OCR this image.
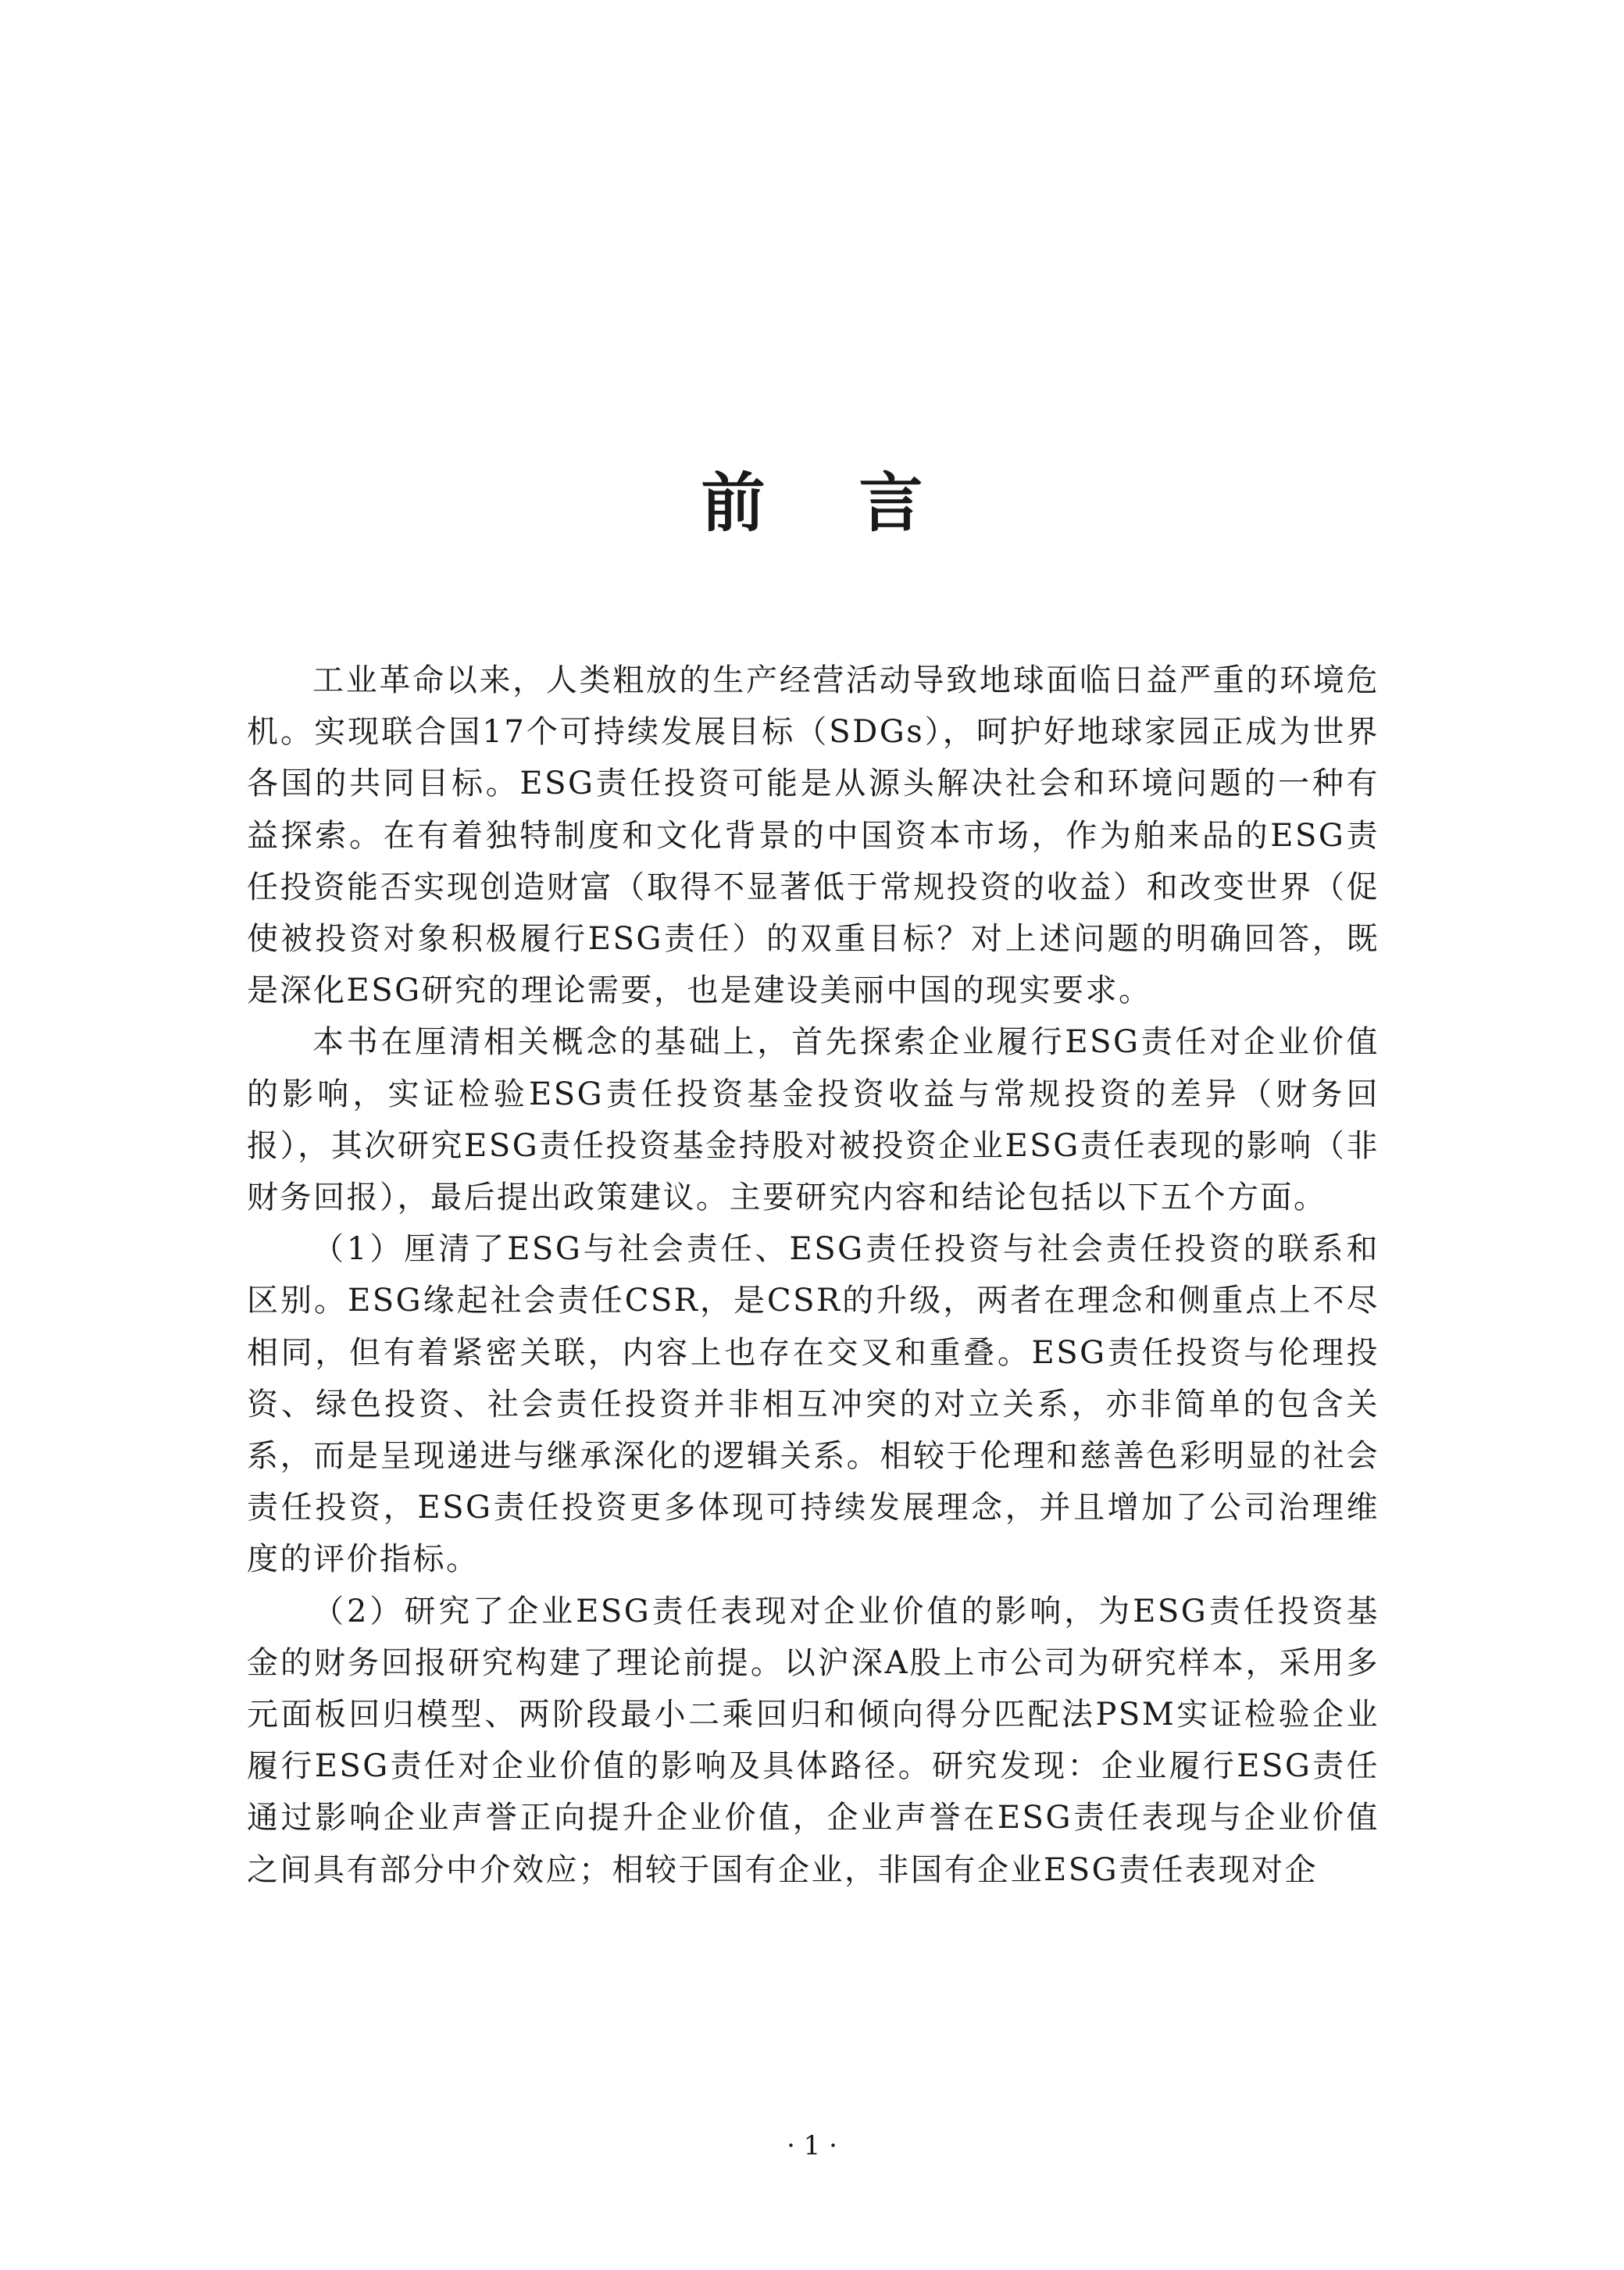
前言

工业革命以来，人类粗放的生产经营活动导致地球面临日益严重的环境危机。实现联合国17个可持续发展目标（SDGs），呵护好地球家园正成为世界各国的共同目标。ESG责任投资可能是从源头解决社会和环境问题的一种有益探索。在有着独特制度和文化背景的中国资本市场，作为舶来品的ESG责任投资能否实现创造财富（取得不显著低于常规投资的收益）和改变世界（促使被投资对象积极履行ESG责任）的双重目标？对上述问题的明确回答，既是深化ESG研究的理论需要，也是建设美丽中国的现实要求。

本书在厘清相关概念的基础上，首先探索企业履行ESG责任对企业价值的影响，实证检验ESG责任投资基金投资收益与常规投资的差异（财务回报），其次研究ESG责任投资基金持股对被投资企业ESG责任表现的影响（非财务回报），最后提出政策建议。主要研究内容和结论包括以下五个方面。

（1）厘清了ESG与社会责任、ESG责任投资与社会责任投资的联系和区别。ESG缘起社会责任CSR，是CSR的升级，两者在理念和侧重点上不尽相同，但有着紧密关联，内容上也存在交叉和重叠。ESG责任投资与伦理投资、绿色投资、社会责任投资并非相互冲突的对立关系，亦非简单的包含关系，而是呈现递进与继承深化的逻辑关系。相较于伦理和慈善色彩明显的社会责任投资，ESG责任投资更多体现可持续发展理念，并且增加了公司治理维度的评价指标。

（2）研究了企业ESG责任表现对企业价值的影响，为ESG责任投资基金的财务回报研究构建了理论前提。以沪深A股上市公司为研究样本，采用多元面板回归模型、两阶段最小二乘回归和倾向得分匹配法PSM实证检验企业履行ESG责任对企业价值的影响及具体路径。研究发现：企业履行ESG责任通过影响企业声誉正向提升企业价值，企业声誉在ESG责任表现与企业价值之间具有部分中介效应；相较于国有企业，非国有企业ESG责任表现对企

· 1 ·
